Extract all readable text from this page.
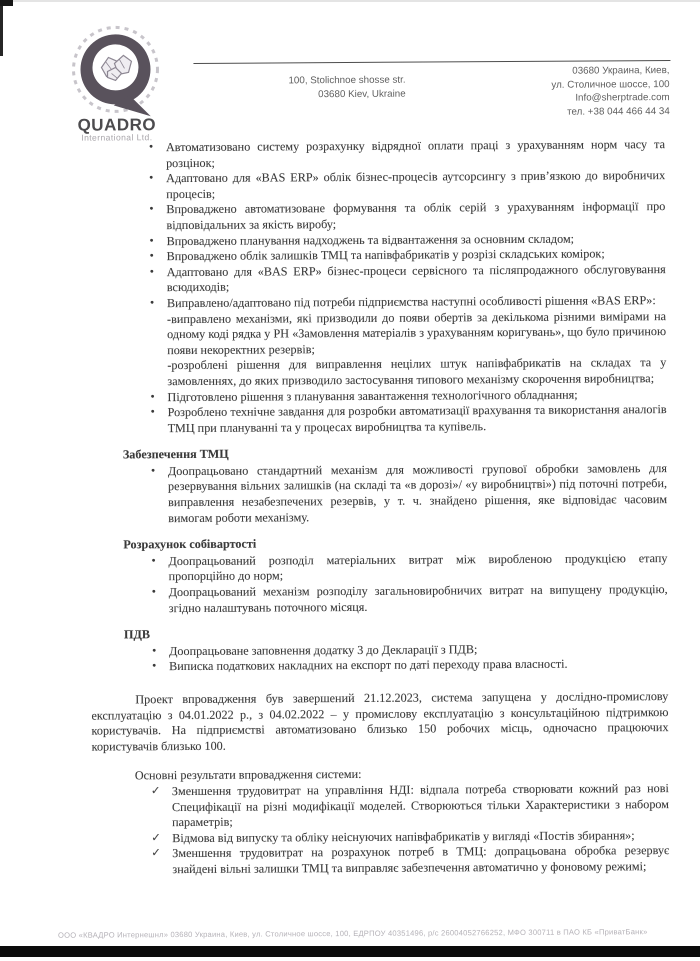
QUADRO
International Ltd.
100, Stolichnoe shosse str.
03680 Kiev, Ukraine
03680 Украина, Киев,
ул. Столичное шоссе, 100
Info@sherptrade.com
тел. +38 044 466 44 34
• Автоматизовано систему розрахунку відрядної оплати праці з урахуванням норм часу та розцінок;
• Адаптовано для «BAS ERP» облік бізнес-процесів аутсорсингу з прив’язкою до виробничих процесів;
• Впроваджено автоматизоване формування та облік серій з урахуванням інформації про відповідальних за якість виробу;
• Впроваджено планування надходжень та відвантаження за основним складом;
• Впроваджено облік залишків ТМЦ та напівфабрикатів у розрізі складських комірок;
• Адаптовано для «BAS ERP» бізнес-процеси сервісного та післяпродажного обслуговування всюдиходів;
• Виправлено/адаптовано під потреби підприємства наступні особливості рішення «BAS ERP»:
-виправлено механізми, які призводили до появи обертів за декількома різними вимірами на одному коді рядка у РН «Замовлення матеріалів з урахуванням коригувань», що було причиною появи некоректних резервів;
-розроблені рішення для виправлення нецілих штук напівфабрикатів на складах та у замовленнях, до яких призводило застосування типового механізму скорочення виробництва;
• Підготовлено рішення з планування завантаження технологічного обладнання;
• Розроблено технічне завдання для розробки автоматизації врахування та використання аналогів ТМЦ при плануванні та у процесах виробництва та купівель.
Забезпечення ТМЦ
• Доопрацьовано стандартний механізм для можливості групової обробки замовлень для резервування вільних залишків (на складі та «в дорозі»/ «у виробництві») під поточні потреби, виправлення незабезпечених резервів, у т. ч. знайдено рішення, яке відповідає часовим вимогам роботи механізму.
Розрахунок собівартості
• Доопрацьований розподіл матеріальних витрат між виробленою продукцією етапу пропорційно до норм;
• Доопрацьований механізм розподілу загальновиробничих витрат на випущену продукцію, згідно налаштувань поточного місяця.
ПДВ
• Доопрацьоване заповнення додатку 3 до Декларації з ПДВ;
• Виписка податкових накладних на експорт по даті переходу права власності.
Проект впровадження був завершений 21.12.2023, система запущена у дослідно-промислову експлуатацію з 04.01.2022 р., з 04.02.2022 – у промислову експлуатацію з консультаційною підтримкою користувачів. На підприємстві автоматизовано близько 150 робочих місць, одночасно працюючих користувачів близько 100.
Основні результати впровадження системи:
✓ Зменшення трудовитрат на управління НДІ: відпала потреба створювати кожний раз нові Специфікації на різні модифікації моделей. Створюються тільки Характеристики з набором параметрів;
✓ Відмова від випуску та обліку неіснуючих напівфабрикатів у вигляді «Постів збирання»;
✓ Зменшення трудовитрат на розрахунок потреб в ТМЦ: допрацьована обробка резервує знайдені вільні залишки ТМЦ та виправляє забезпечення автоматично у фоновому режимі;
ООО «КВАДРО Интернешнл» 03680 Украина, Киев, ул. Столичное шоссе, 100, ЕДРПОУ 40351496, р/с 26004052766252, МФО 300711 в ПАО КБ «ПриватБанк»
